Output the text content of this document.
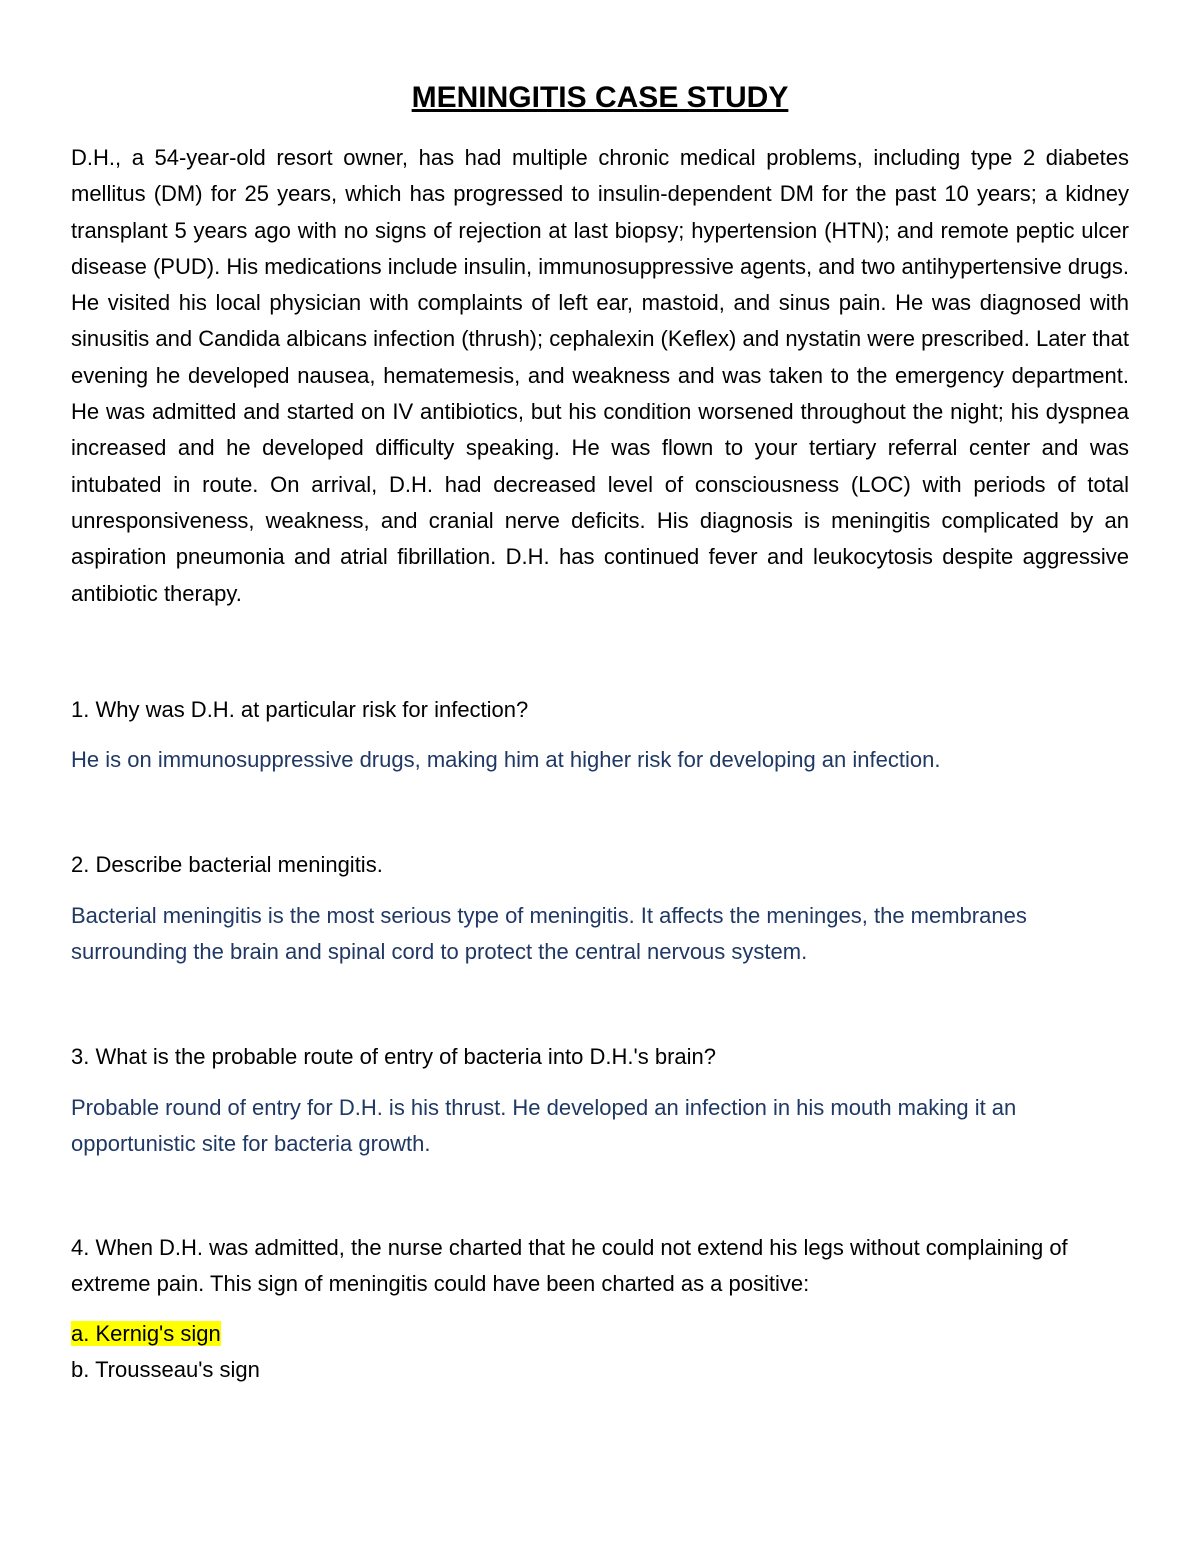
MENINGITIS CASE STUDY

D.H., a 54-year-old resort owner, has had multiple chronic medical problems, including type 2 diabetes mellitus (DM) for 25 years, which has progressed to insulin-dependent DM for the past 10 years; a kidney transplant 5 years ago with no signs of rejection at last biopsy; hypertension (HTN); and remote peptic ulcer disease (PUD). His medications include insulin, immunosuppressive agents, and two antihypertensive drugs. He visited his local physician with complaints of left ear, mastoid, and sinus pain. He was diagnosed with sinusitis and Candida albicans infection (thrush); cephalexin (Keflex) and nystatin were prescribed. Later that evening he developed nausea, hematemesis, and weakness and was taken to the emergency department. He was admitted and started on IV antibiotics, but his condition worsened throughout the night; his dyspnea increased and he developed difficulty speaking. He was flown to your tertiary referral center and was intubated in route. On arrival, D.H. had decreased level of consciousness (LOC) with periods of total unresponsiveness, weakness, and cranial nerve deficits. His diagnosis is meningitis complicated by an aspiration pneumonia and atrial fibrillation. D.H. has continued fever and leukocytosis despite aggressive antibiotic therapy.

1. Why was D.H. at particular risk for infection?

He is on immunosuppressive drugs, making him at higher risk for developing an infection.

2. Describe bacterial meningitis.

Bacterial meningitis is the most serious type of meningitis. It affects the meninges, the membranes surrounding the brain and spinal cord to protect the central nervous system.

3. What is the probable route of entry of bacteria into D.H.'s brain?

Probable round of entry for D.H. is his thrust. He developed an infection in his mouth making it an opportunistic site for bacteria growth.

4. When D.H. was admitted, the nurse charted that he could not extend his legs without complaining of extreme pain. This sign of meningitis could have been charted as a positive:

a. Kernig's sign

b. Trousseau's sign
